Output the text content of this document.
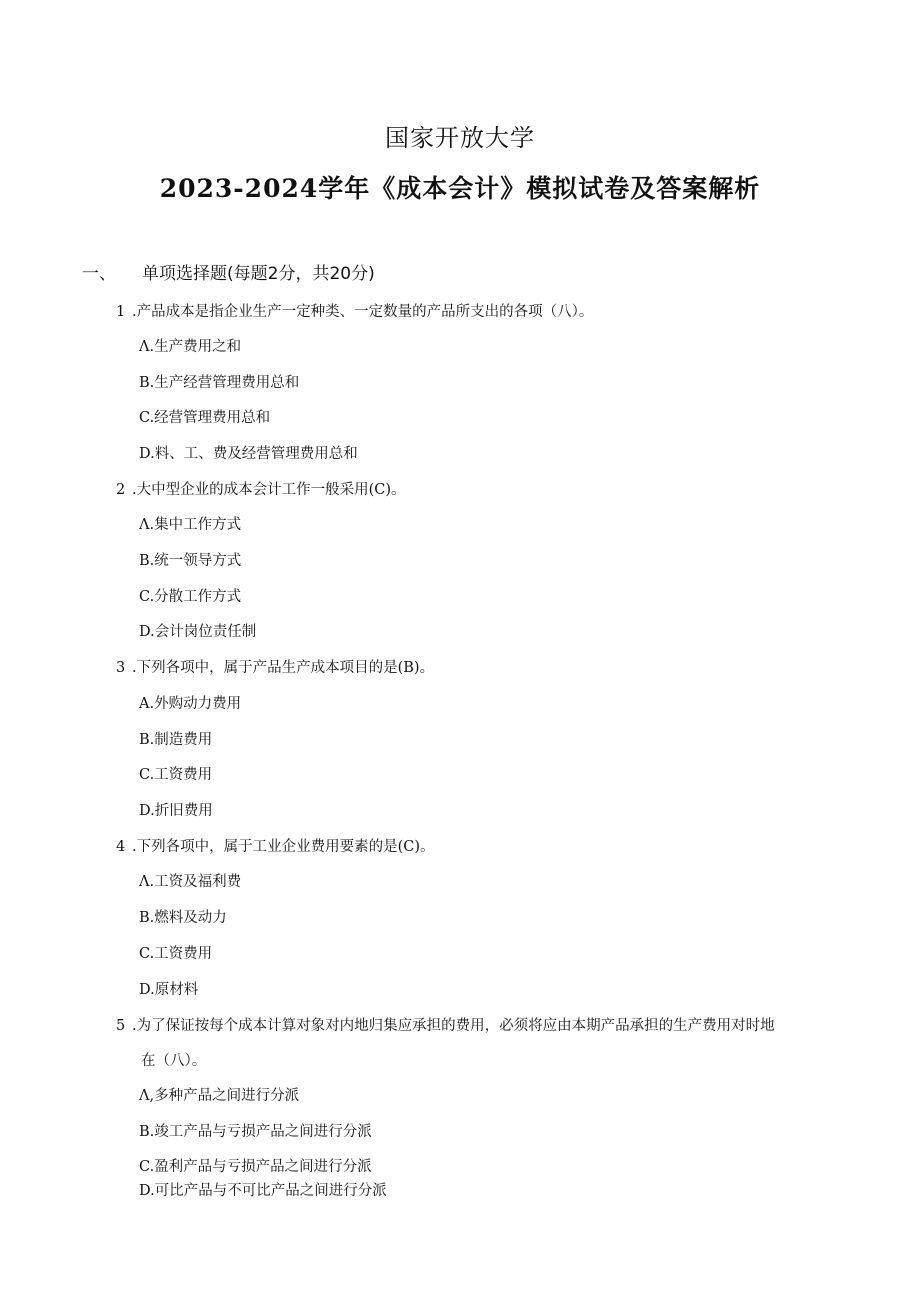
国家开放大学
2023-2024学年《成本会计》模拟试卷及答案解析
一、 单项选择题(每题2分，共20分)
1 .产品成本是指企业生产一定种类、一定数量的产品所支出的各项（八）。
Λ.生产费用之和
B.生产经营管理费用总和
C.经营管理费用总和
D.料、工、费及经营管理费用总和
2 .大中型企业的成本会计工作一般采用(C)。
Λ.集中工作方式
B.统一领导方式
C.分散工作方式
D.会计岗位责任制
3 .下列各项中，属于产品生产成本项目的是(B)。
A.外购动力费用
B.制造费用
C.工资费用
D.折旧费用
4 .下列各项中，属于工业企业费用要素的是(C)。
Λ.工资及福利费
B.燃料及动力
C.工资费用
D.原材料
5 .为了保证按每个成本计算对象对内地归集应承担的费用，必须将应由本期产品承担的生产费用对时地
在（八）。
Λ,多种产品之间进行分派
B.竣工产品与亏损产品之间进行分派
C.盈利产品与亏损产品之间进行分派
D.可比产品与不可比产品之间进行分派
